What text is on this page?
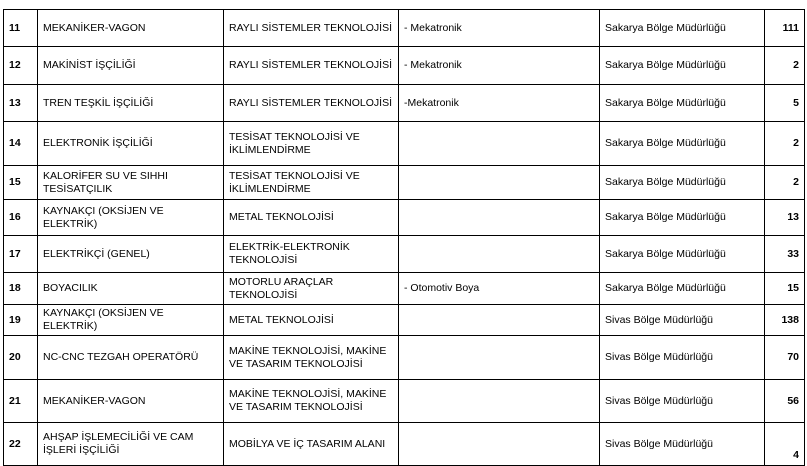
11	MEKANİKER-VAGON	RAYLI SİSTEMLER TEKNOLOJİSİ	- Mekatronik	Sakarya Bölge Müdürlüğü	111
12	MAKİNİST İŞÇİLİĞİ	RAYLI SİSTEMLER TEKNOLOJİSİ	- Mekatronik	Sakarya Bölge Müdürlüğü	2
13	TREN TEŞKİL İŞÇİLİĞİ	RAYLI SİSTEMLER TEKNOLOJİSİ	-Mekatronik	Sakarya Bölge Müdürlüğü	5
14	ELEKTRONİK İŞÇİLİĞİ	TESİSAT TEKNOLOJİSİ VE İKLİMLENDİRME		Sakarya Bölge Müdürlüğü	2
15	KALORİFER SU VE SIHHI TESİSATÇILIK	TESİSAT TEKNOLOJİSİ VE İKLİMLENDİRME		Sakarya Bölge Müdürlüğü	2
16	KAYNAKÇI (OKSİJEN VE ELEKTRİK)	METAL TEKNOLOJİSİ		Sakarya Bölge Müdürlüğü	13
17	ELEKTRİKÇİ (GENEL)	ELEKTRİK-ELEKTRONİK TEKNOLOJİSİ		Sakarya Bölge Müdürlüğü	33
18	BOYACILIK	MOTORLU ARAÇLAR TEKNOLOJİSİ	- Otomotiv Boya	Sakarya Bölge Müdürlüğü	15
19	KAYNAKÇI (OKSİJEN VE ELEKTRİK)	METAL TEKNOLOJİSİ		Sivas Bölge Müdürlüğü	138
20	NC-CNC TEZGAH OPERATÖRÜ	MAKİNE TEKNOLOJİSİ, MAKİNE VE TASARIM TEKNOLOJİSİ		Sivas Bölge Müdürlüğü	70
21	MEKANİKER-VAGON	MAKİNE TEKNOLOJİSİ, MAKİNE VE TASARIM TEKNOLOJİSİ		Sivas Bölge Müdürlüğü	56
22	AHŞAP İŞLEMECİLİĞİ VE CAM İŞLERİ İŞÇİLİĞİ	MOBİLYA VE İÇ TASARIM ALANI		Sivas Bölge Müdürlüğü	4
